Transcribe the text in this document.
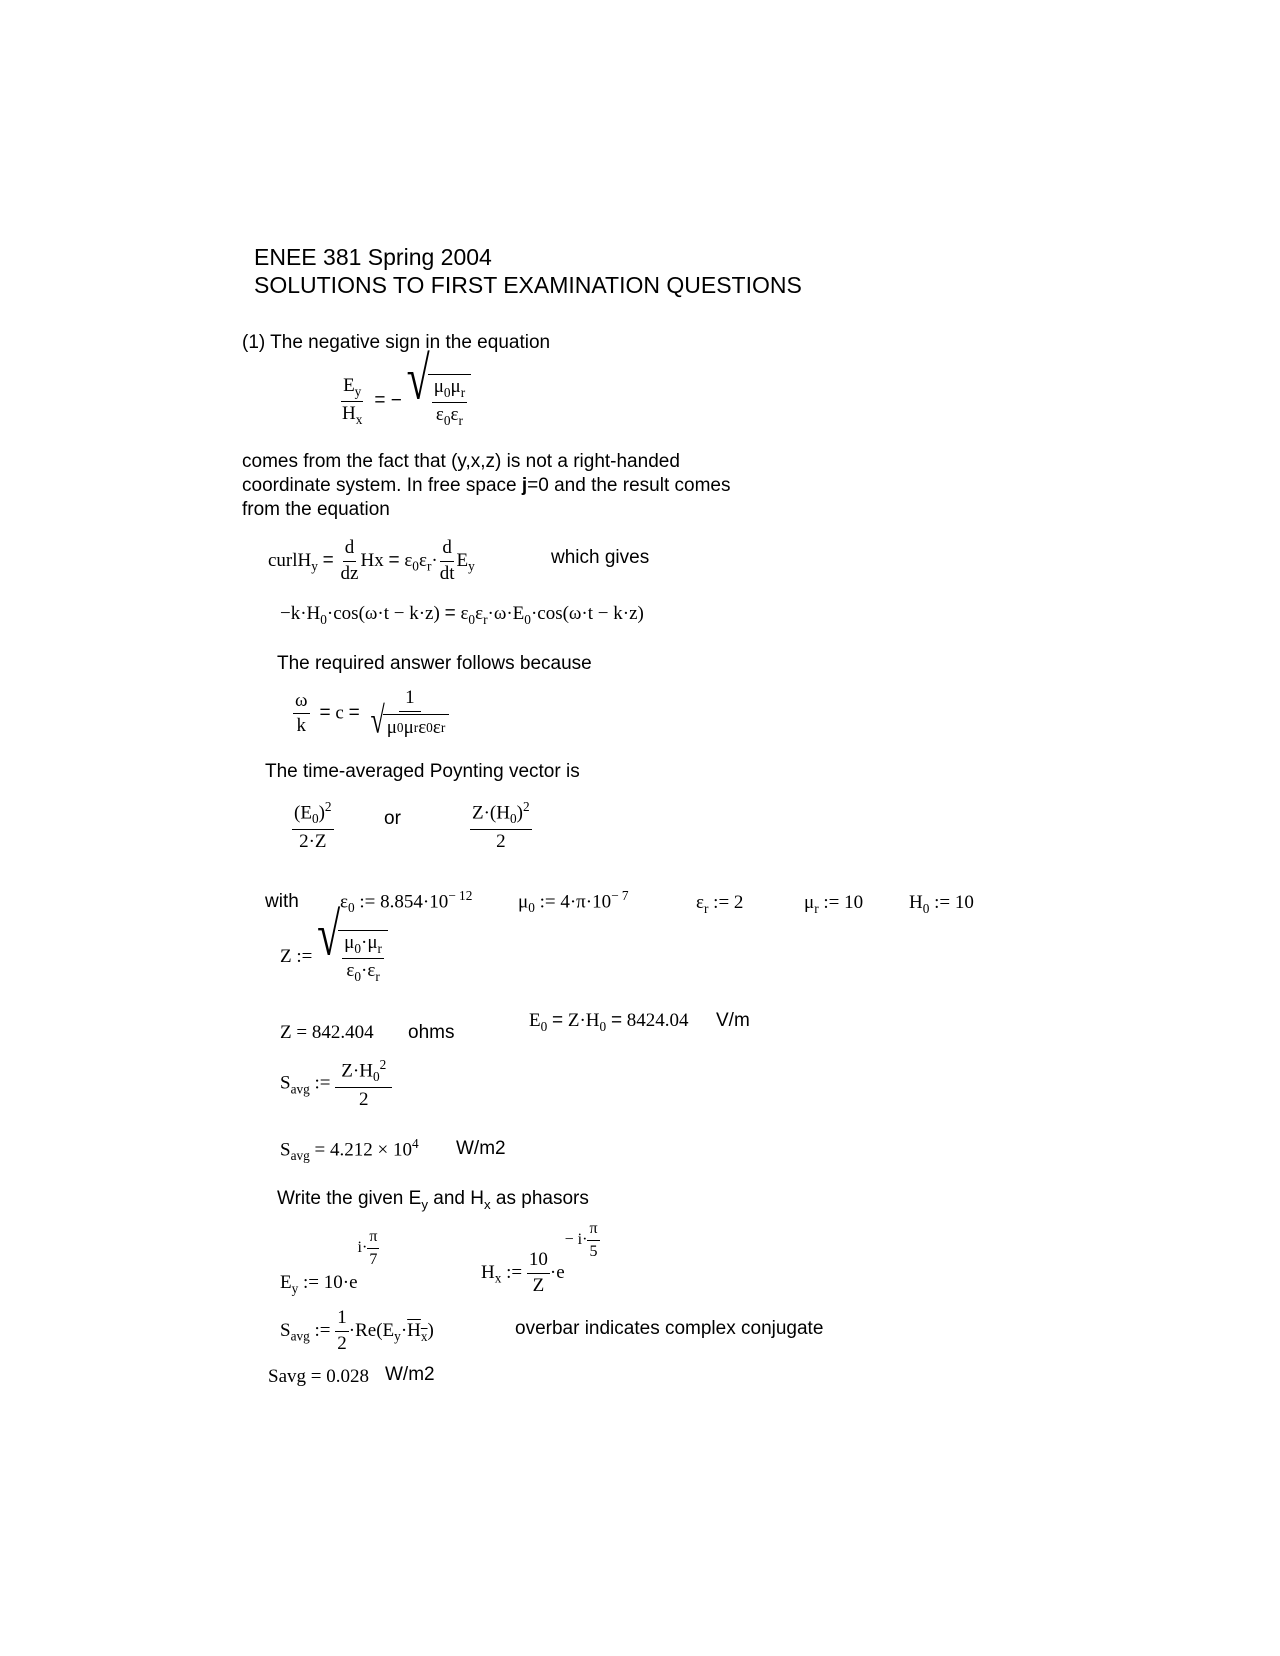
ENEE 381 Spring 2004
SOLUTIONS TO FIRST EXAMINATION QUESTIONS
(1) The negative sign in the equation
$\frac{E_y}{H_x}$ = − √ $\frac{\mu_0\mu_r}{\varepsilon_0\varepsilon_r}$
comes from the fact that (y,x,z) is not a right-handed
coordinate system. In free space j=0 and the result comes
from the equation
curlH$_y$ = $\frac{d}{dz}$ $Hx = \varepsilon_0\varepsilon_r\cdot \frac{d}{dt} E_y$	which gives
$-k\cdot H_0\cdot\cos(\omega\cdot t - k\cdot z) = \varepsilon_0\varepsilon_r\cdot\omega\cdot E_0\cdot\cos(\omega\cdot t - k\cdot z)$
The required answer follows because
$\frac{\omega}{k} = c = \frac{1}{\text{√ μ 0 μ r ε 0 ε r}}$
The time-averaged Poynting vector is
$\frac{(E_0)^2}{2\cdot Z}$	or	$\frac{Z\cdot(H_0)^2}{2}$
with $\varepsilon_0$ := $8.854\cdot 10^{- 12}$ $\mu_0$ := $4\cdot\pi\cdot 10^{- 7}$	$\varepsilon_r$ := 2	$\mu_r$ := 10 $H_0$ := 10
Z := √ $\frac{\mu_0\cdot\mu_r}{\varepsilon_0\cdot\varepsilon_r}$
Z = 842.404 ohms
$E_0 = Z\cdot H_0 = 8424.04$ V/m
$S_{avg}$ := $\frac{Z\cdot H_0^2}{2}$
$S_{avg} = 4.212 \times 10^4$ W/m2
Write the given $E_y$ and $H_x$ as phasors
$E_y$ := $10\cdot ei\cdot \frac{\pi}{7}$
$H_x$ := $\frac{10}{Z} \cdot e- i\cdot \frac{\pi}{5}$
$S_{avg}$ := $\frac{1}{2} \cdot Re(E_y\cdot H_x)$	overbar indicates complex conjugate
Savg = 0.028 W/m2
